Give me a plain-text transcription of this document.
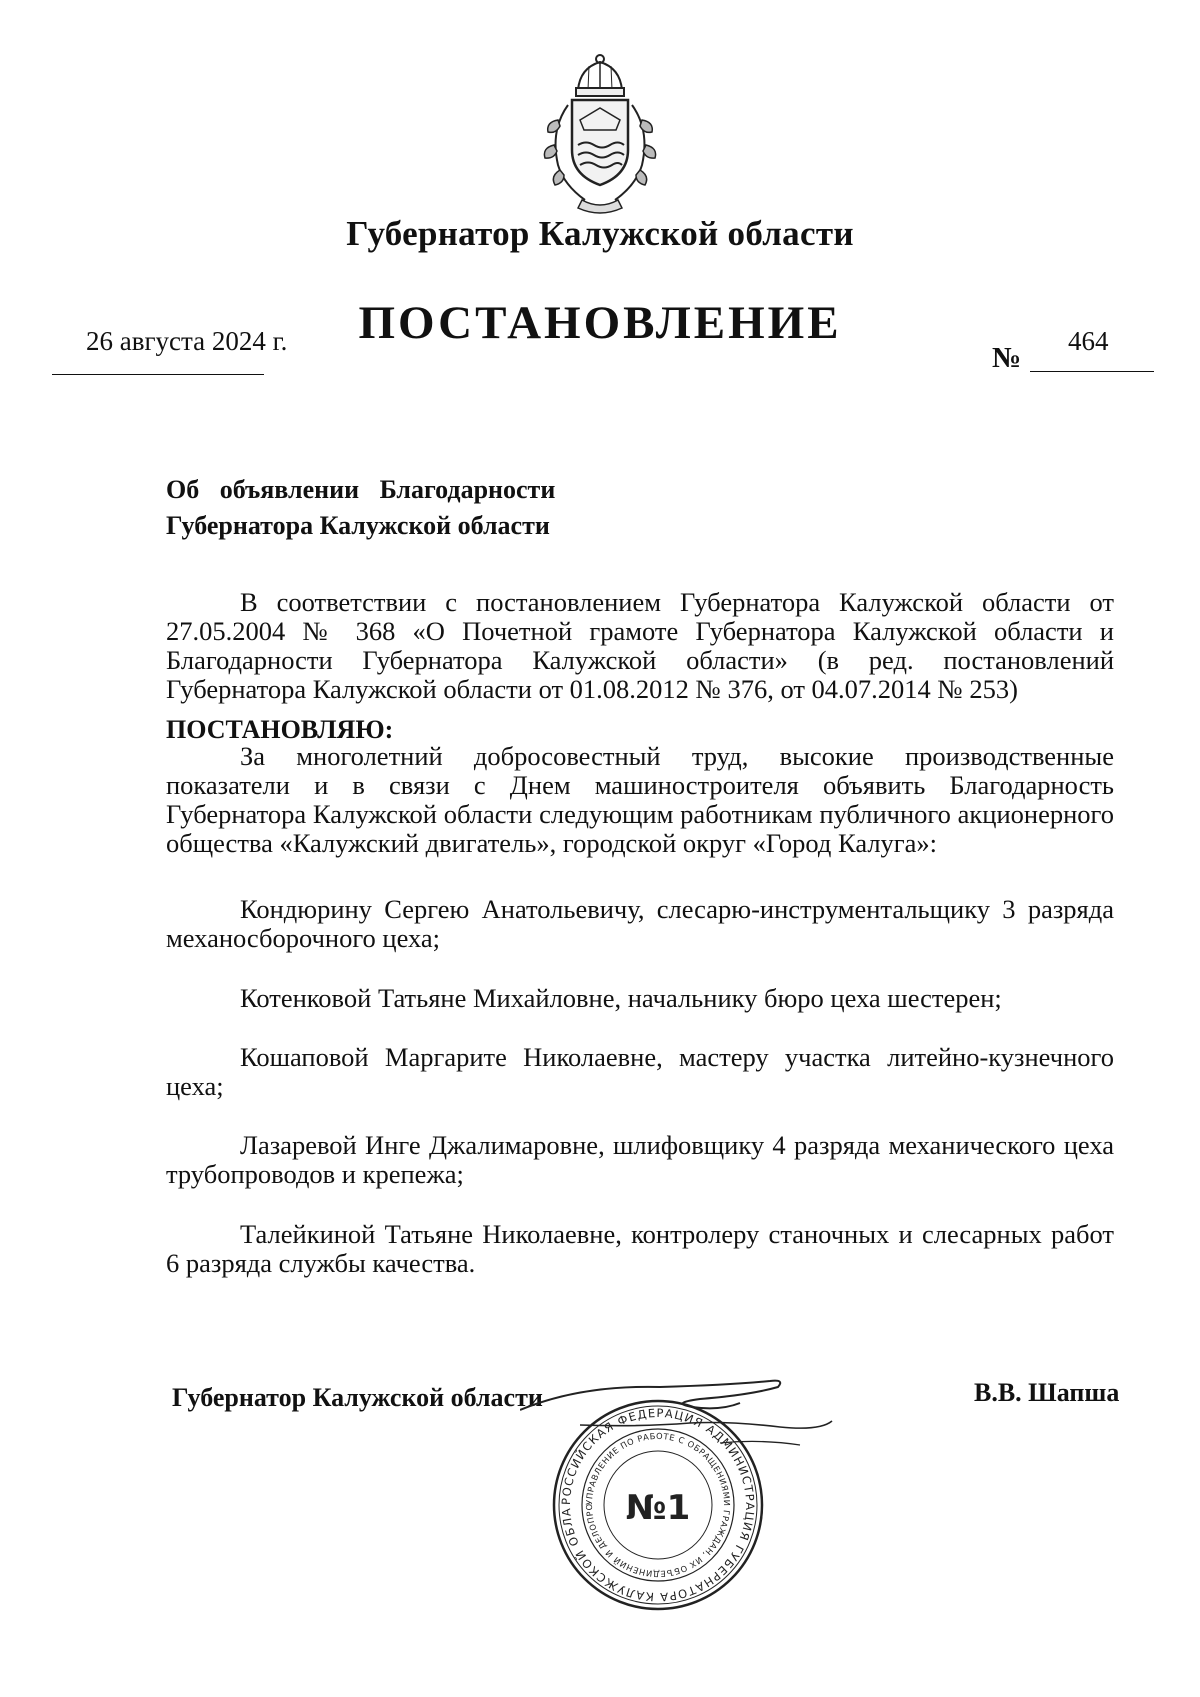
Губернатор Калужской области
ПОСТАНОВЛЕНИЕ
26 августа 2024 г.
№
464
Об объявлении Благодарности
Губернатора Калужской области
В соответствии с постановлением Губернатора Калужской области от 27.05.2004 № 368 «О Почетной грамоте Губернатора Калужской области и Благодарности Губернатора Калужской области» (в ред. постановлений Губернатора Калужской области от 01.08.2012 № 376, от 04.07.2014 № 253)
ПОСТАНОВЛЯЮ:
За многолетний добросовестный труд, высокие производственные показатели и в связи с Днем машиностроителя объявить Благодарность Губернатора Калужской области следующим работникам публичного акционерного общества «Калужский двигатель», городской округ «Город Калуга»:
Кондюрину Сергею Анатольевичу, слесарю-инструментальщику 3 разряда механосборочного цеха;
Котенковой Татьяне Михайловне, начальнику бюро цеха шестерен;
Кошаповой Маргарите Николаевне, мастеру участка литейно-кузнечного цеха;
Лазаревой Инге Джалимаровне, шлифовщику 4 разряда механического цеха трубопроводов и крепежа;
Талейкиной Татьяне Николаевне, контролеру станочных и слесарных работ 6 разряда службы качества.
Губернатор Калужской области	В.В. Шапша
РОССИЙСКАЯ ФЕДЕРАЦИЯ АДМИНИСТРАЦИЯ ГУБЕРНАТОРА КАЛУЖСКОЙ ОБЛА
УПРАВЛЕНИЕ ПО РАБОТЕ С ОБРАЩЕНИЯМИ ГРАЖДАН, ИХ ОБЪЕДИНЕНИЙ И ДЕЛОПРО №1
